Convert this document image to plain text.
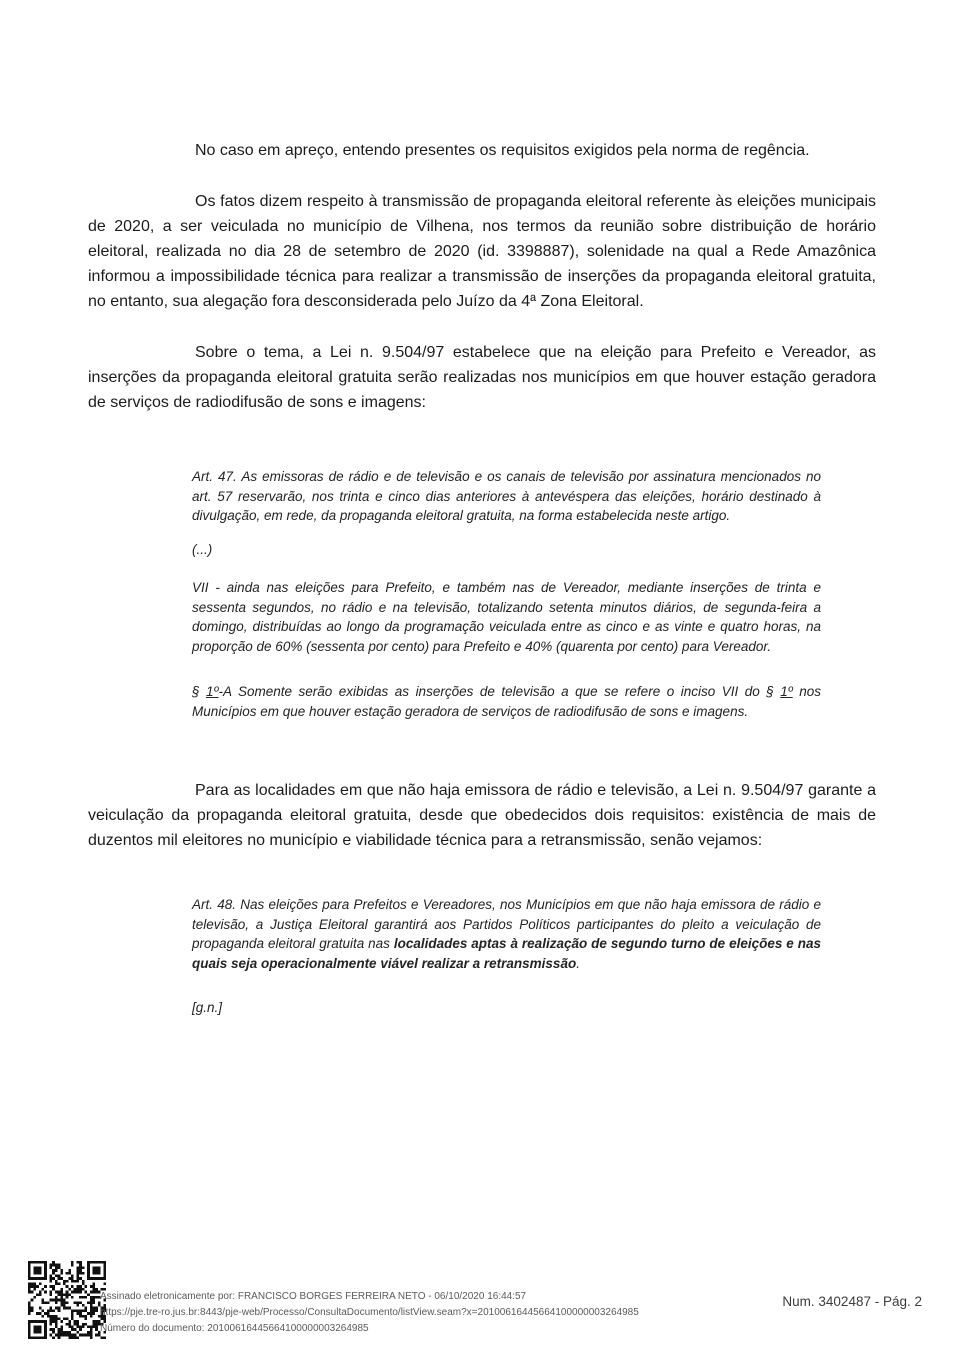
No caso em apreço, entendo presentes os requisitos exigidos pela norma de regência.

Os fatos dizem respeito à transmissão de propaganda eleitoral referente às eleições municipais de 2020, a ser veiculada no município de Vilhena, nos termos da reunião sobre distribuição de horário eleitoral, realizada no dia 28 de setembro de 2020 (id. 3398887), solenidade na qual a Rede Amazônica informou a impossibilidade técnica para realizar a transmissão de inserções da propaganda eleitoral gratuita, no entanto, sua alegação fora desconsiderada pelo Juízo da 4ª Zona Eleitoral.

Sobre o tema, a Lei n. 9.504/97 estabelece que na eleição para Prefeito e Vereador, as inserções da propaganda eleitoral gratuita serão realizadas nos municípios em que houver estação geradora de serviços de radiodifusão de sons e imagens:

Art. 47. As emissoras de rádio e de televisão e os canais de televisão por assinatura mencionados no art. 57 reservarão, nos trinta e cinco dias anteriores à antevéspera das eleições, horário destinado à divulgação, em rede, da propaganda eleitoral gratuita, na forma estabelecida neste artigo.

(...)

VII - ainda nas eleições para Prefeito, e também nas de Vereador, mediante inserções de trinta e sessenta segundos, no rádio e na televisão, totalizando setenta minutos diários, de segunda-feira a domingo, distribuídas ao longo da programação veiculada entre as cinco e as vinte e quatro horas, na proporção de 60% (sessenta por cento) para Prefeito e 40% (quarenta por cento) para Vereador.

§ 1º-A Somente serão exibidas as inserções de televisão a que se refere o inciso VII do § 1º nos Municípios em que houver estação geradora de serviços de radiodifusão de sons e imagens.

Para as localidades em que não haja emissora de rádio e televisão, a Lei n. 9.504/97 garante a veiculação da propaganda eleitoral gratuita, desde que obedecidos dois requisitos: existência de mais de duzentos mil eleitores no município e viabilidade técnica para a retransmissão, senão vejamos:

Art. 48. Nas eleições para Prefeitos e Vereadores, nos Municípios em que não haja emissora de rádio e televisão, a Justiça Eleitoral garantirá aos Partidos Políticos participantes do pleito a veiculação de propaganda eleitoral gratuita nas localidades aptas à realização de segundo turno de eleições e nas quais seja operacionalmente viável realizar a retransmissão.

[g.n.]

Assinado eletronicamente por: FRANCISCO BORGES FERREIRA NETO - 06/10/2020 16:44:57
https://pje.tre-ro.jus.br:8443/pje-web/Processo/ConsultaDocumento/listView.seam?x=20100616445664100000003264985
Número do documento: 20100616445664100000003264985
Num. 3402487 - Pág. 2
